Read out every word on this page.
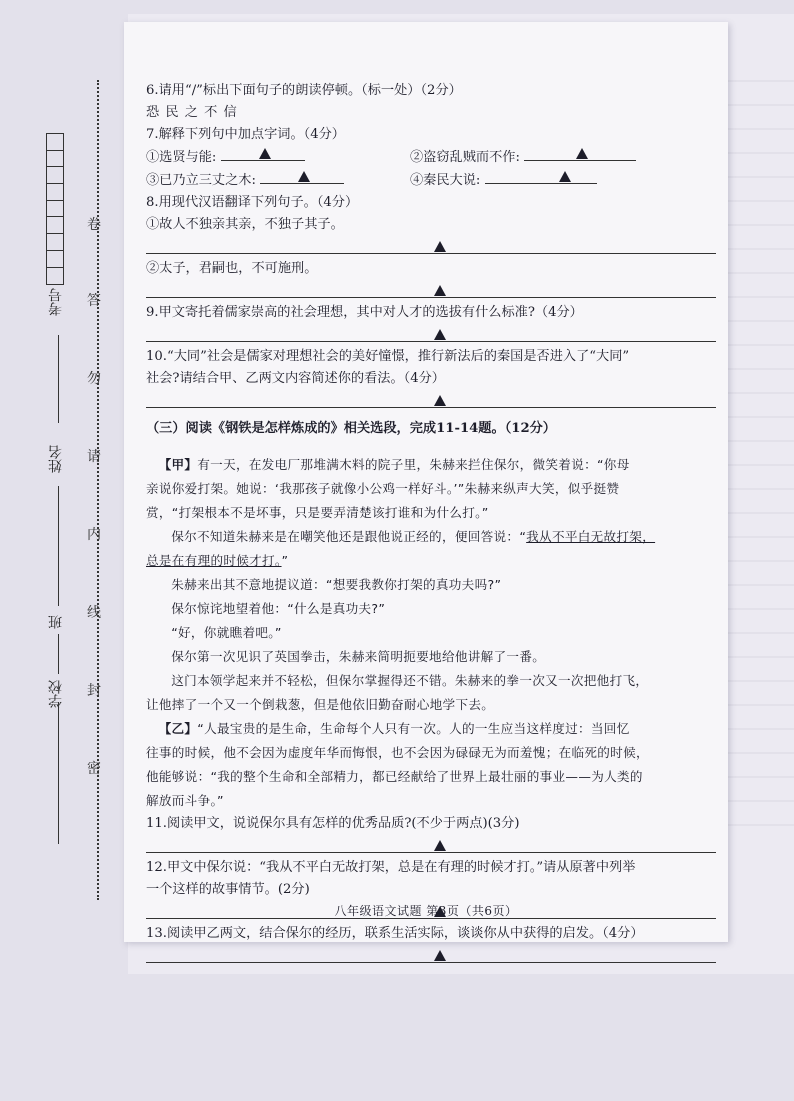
考号
姓名
班
学校
卷
答
勿
请
内
线
封
密

6.请用“/”标出下面句子的朗读停顿。（标一处）（2分）

恐 民 之 不 信

7.解释下列句中加点字词。（4分）

①选贤与能:	②盗窃乱贼而不作:
③已乃立三丈之木:	④秦民大说:

8.用现代汉语翻译下列句子。（4分）

①故人不独亲其亲，不独子其子。

②太子，君嗣也，不可施刑。

9.甲文寄托着儒家崇高的社会理想，其中对人才的选拔有什么标准?（4分）

10.“大同”社会是儒家对理想社会的美好憧憬，推行新法后的秦国是否进入了“大同”

社会?请结合甲、乙两文内容简述你的看法。（4分）

（三）阅读《钢铁是怎样炼成的》相关选段，完成11-14题。（12分）

【甲】有一天，在发电厂那堆满木料的院子里，朱赫来拦住保尔，微笑着说：“你母

亲说你爱打架。她说：‘我那孩子就像小公鸡一样好斗。’”朱赫来纵声大笑，似乎挺赞

赏，“打架根本不是坏事，只是要弄清楚该打谁和为什么打。”

保尔不知道朱赫来是在嘲笑他还是跟他说正经的，便回答说：“我从不平白无故打架，

总是在有理的时候才打。”

朱赫来出其不意地提议道：“想要我教你打架的真功夫吗?”

保尔惊诧地望着他：“什么是真功夫?”

“好，你就瞧着吧。”

保尔第一次见识了英国拳击，朱赫来简明扼要地给他讲解了一番。

这门本领学起来并不轻松，但保尔掌握得还不错。朱赫来的拳一次又一次把他打飞，

让他摔了一个又一个倒栽葱，但是他依旧勤奋耐心地学下去。

【乙】“人最宝贵的是生命，生命每个人只有一次。人的一生应当这样度过：当回忆

往事的时候，他不会因为虚度年华而悔恨，也不会因为碌碌无为而羞愧；在临死的时候，

他能够说：“我的整个生命和全部精力，都已经献给了世界上最壮丽的事业——为人类的

解放而斗争。”

11.阅读甲文，说说保尔具有怎样的优秀品质?(不少于两点)(3分)

12.甲文中保尔说：“我从不平白无故打架，总是在有理的时候才打。”请从原著中列举

一个这样的故事情节。(2分)

13.阅读甲乙两文，结合保尔的经历，联系生活实际，谈谈你从中获得的启发。（4分）

八年级语文试题 第3页（共6页）
